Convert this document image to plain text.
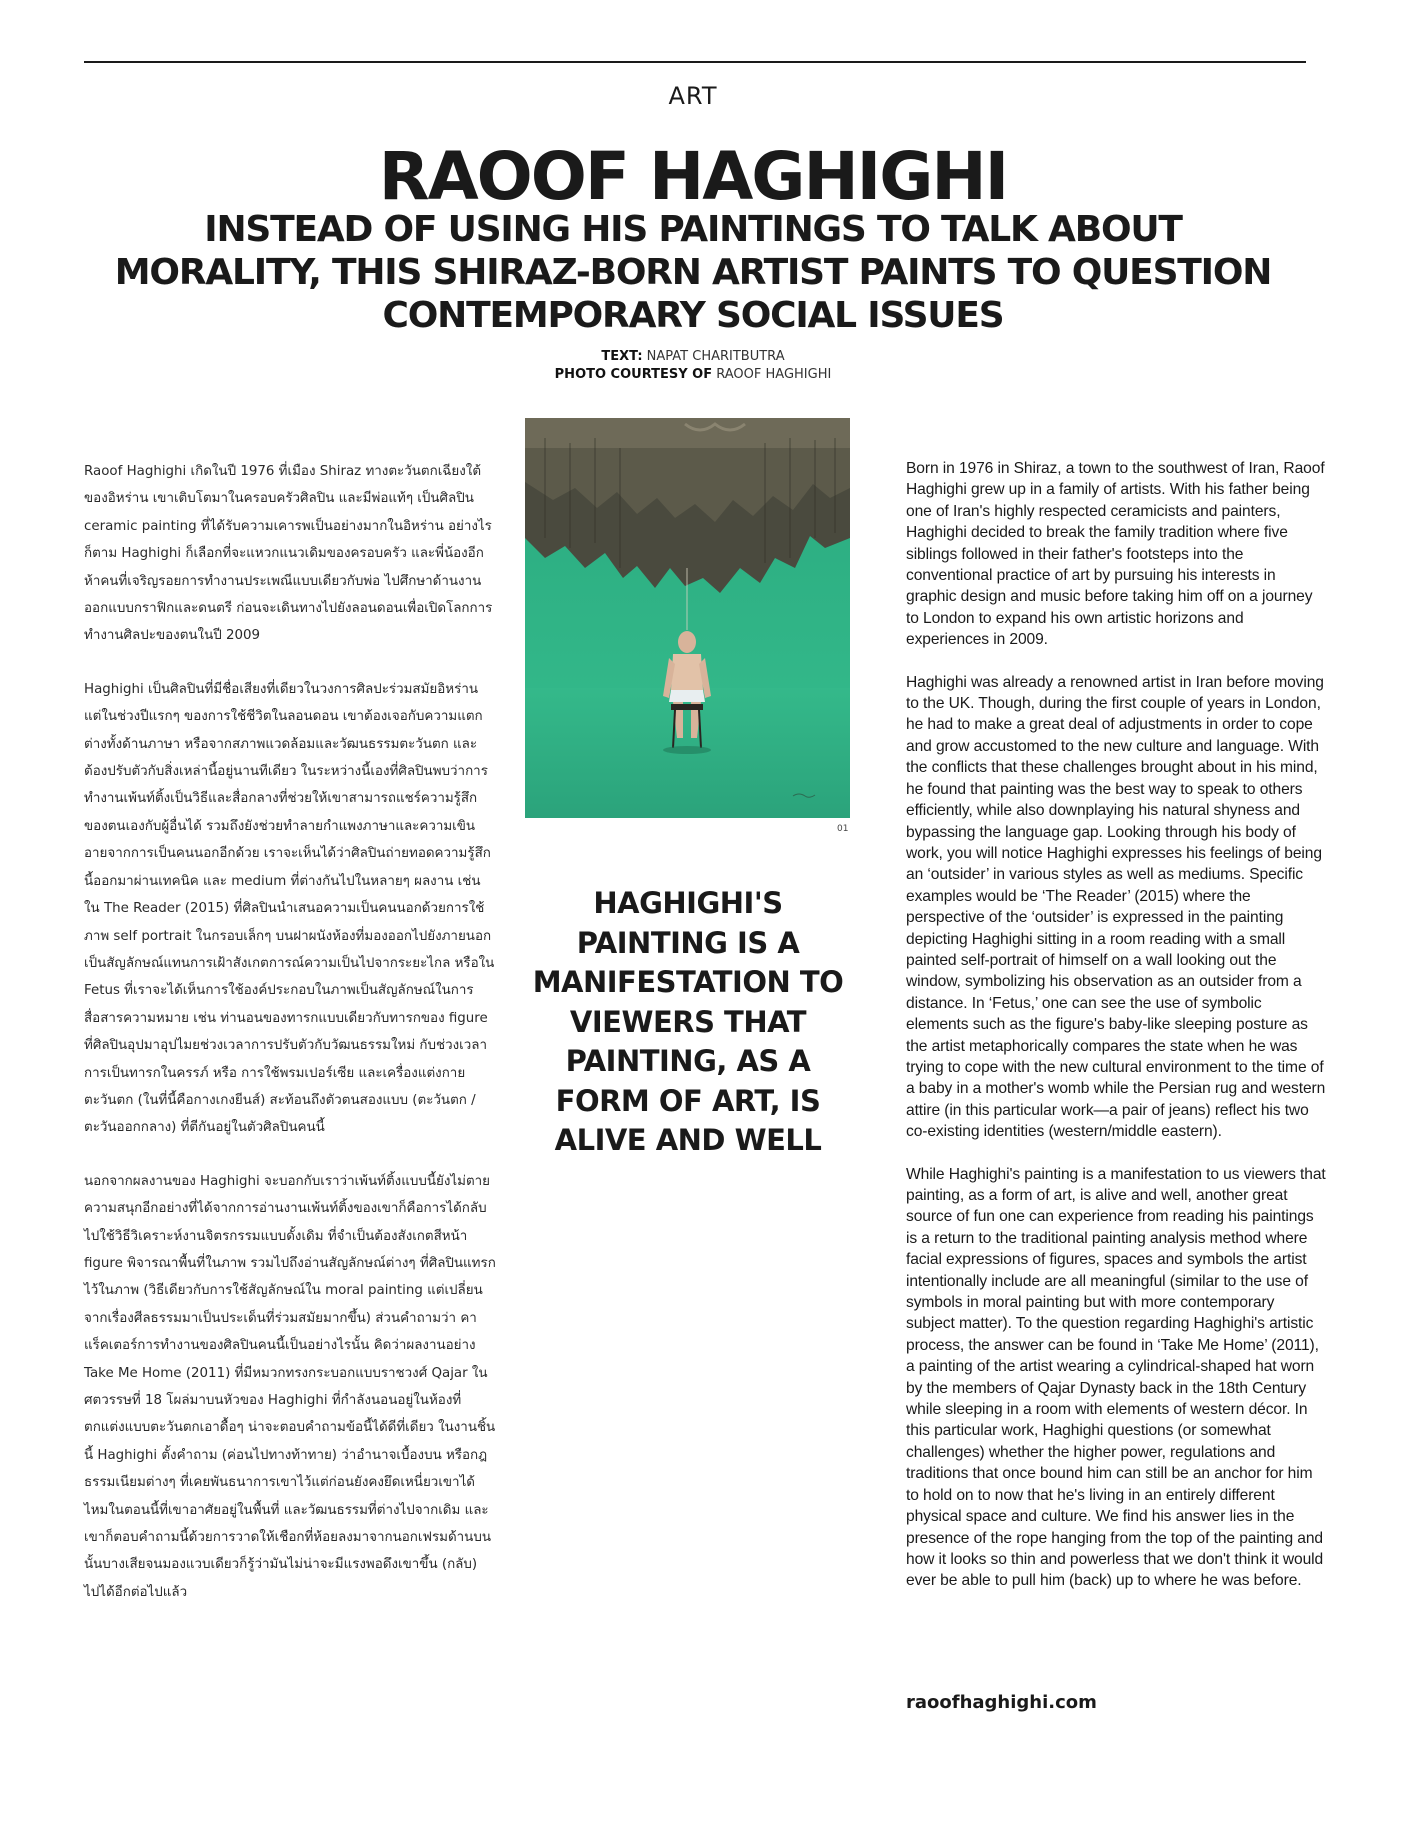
ART
RAOOF HAGHIGHI
INSTEAD OF USING HIS PAINTINGS TO TALK ABOUT MORALITY, THIS SHIRAZ-BORN ARTIST PAINTS TO QUESTION CONTEMPORARY SOCIAL ISSUES
TEXT: NAPAT CHARITBUTRA
PHOTO COURTESY OF RAOOF HAGHIGHI

Raoof Haghighi เกิดในปี 1976 ที่เมือง Shiraz ทางตะวันตกเฉียงใต้ของอิหร่าน เขาเติบโตมาในครอบครัวศิลปิน และมีพ่อแท้ๆ เป็นศิลปิน ceramic painting ที่ได้รับความเคารพเป็นอย่างมากในอิหร่าน อย่างไรก็ตาม Haghighi ก็เลือกที่จะแหวกแนวเดิมของครอบครัว และพี่น้องอีกห้าคนที่เจริญรอยการทำงานประเพณีแบบเดียวกับพ่อ ไปศึกษาด้านงานออกแบบกราฟิกและดนตรี ก่อนจะเดินทางไปยังลอนดอนเพื่อเปิดโลกการทำงานศิลปะของตนในปี 2009

Haghighi เป็นศิลปินที่มีชื่อเสียงที่เดียวในวงการศิลปะร่วมสมัยอิหร่าน แต่ในช่วงปีแรกๆ ของการใช้ชีวิตในลอนดอน เขาต้องเจอกับความแตกต่างทั้งด้านภาษา หรือจากสภาพแวดล้อมและวัฒนธรรมตะวันตก และต้องปรับตัวกับสิ่งเหล่านี้อยู่นานทีเดียว ในระหว่างนี้เองที่ศิลปินพบว่าการทำงานเพ้นท์ติ้งเป็นวิธีและสื่อกลางที่ช่วยให้เขาสามารถแชร์ความรู้สึกของตนเองกับผู้อื่นได้ รวมถึงยังช่วยทำลายกำแพงภาษาและความเขินอายจากการเป็นคนนอกอีกด้วย เราจะเห็นได้ว่าศิลปินถ่ายทอดความรู้สึกนี้ออกมาผ่านเทคนิค และ medium ที่ต่างกันไปในหลายๆ ผลงาน เช่นใน The Reader (2015) ที่ศิลปินนำเสนอความเป็นคนนอกด้วยการใช้ภาพ self portrait ในกรอบเล็กๆ บนฝาผนังห้องที่มองออกไปยังภายนอกเป็นสัญลักษณ์แทนการเฝ้าสังเกตการณ์ความเป็นไปจากระยะไกล หรือใน Fetus ที่เราจะได้เห็นการใช้องค์ประกอบในภาพเป็นสัญลักษณ์ในการสื่อสารความหมาย เช่น ท่านอนของทารกแบบเดียวกับทารกของ figure ที่ศิลปินอุปมาอุปไมยช่วงเวลาการปรับตัวกับวัฒนธรรมใหม่ กับช่วงเวลาการเป็นทารกในครรภ์ หรือ การใช้พรมเปอร์เซีย และเครื่องแต่งกายตะวันตก (ในที่นี้คือกางเกงยีนส์) สะท้อนถึงตัวตนสองแบบ (ตะวันตก / ตะวันออกกลาง) ที่ตีกันอยู่ในตัวศิลปินคนนี้

นอกจากผลงานของ Haghighi จะบอกกับเราว่าเพ้นท์ติ้งแบบนี้ยังไม่ตาย ความสนุกอีกอย่างที่ได้จากการอ่านงานเพ้นท์ติ้งของเขาก็คือการได้กลับไปใช้วิธีวิเคราะห์งานจิตรกรรมแบบดั้งเดิม ที่จำเป็นต้องสังเกตสีหน้า figure พิจารณาพื้นที่ในภาพ รวมไปถึงอ่านสัญลักษณ์ต่างๆ ที่ศิลปินแทรกไว้ในภาพ (วิธีเดียวกับการใช้สัญลักษณ์ใน moral painting แต่เปลี่ยนจากเรื่องศีลธรรมมาเป็นประเด็นที่ร่วมสมัยมากขึ้น) ส่วนคำถามว่า คาแร็คเตอร์การทำงานของศิลปินคนนี้เป็นอย่างไรนั้น คิดว่าผลงานอย่าง Take Me Home (2011) ที่มีหมวกทรงกระบอกแบบราชวงศ์ Qajar ในศตวรรษที่ 18 โผล่มาบนหัวของ Haghighi ที่กำลังนอนอยู่ในห้องที่ตกแต่งแบบตะวันตกเอาดื้อๆ น่าจะตอบคำถามข้อนี้ได้ดีที่เดียว ในงานชิ้นนี้ Haghighi ตั้งคำถาม (ค่อนไปทางท้าทาย) ว่าอำนาจเบื้องบน หรือกฎธรรมเนียมต่างๆ ที่เคยพันธนาการเขาไว้แต่ก่อนยังคงยึดเหนี่ยวเขาได้ไหมในตอนนี้ที่เขาอาศัยอยู่ในพื้นที่ และวัฒนธรรมที่ต่างไปจากเดิม และเขาก็ตอบคำถามนี้ด้วยการวาดให้เชือกที่ห้อยลงมาจากนอกเฟรมด้านบนนั้นบางเสียจนมองแวบเดียวก็รู้ว่ามันไม่น่าจะมีแรงพอดึงเขาขึ้น (กลับ) ไปได้อีกต่อไปแล้ว

01
HAGHIGHI'S PAINTING IS A MANIFESTATION TO VIEWERS THAT PAINTING, AS A FORM OF ART, IS ALIVE AND WELL

Born in 1976 in Shiraz, a town to the southwest of Iran, Raoof Haghighi grew up in a family of artists. With his father being one of Iran's highly respected ceramicists and painters, Haghighi decided to break the family tradition where five siblings followed in their father's footsteps into the conventional practice of art by pursuing his interests in graphic design and music before taking him off on a journey to London to expand his own artistic horizons and experiences in 2009.

Haghighi was already a renowned artist in Iran before moving to the UK. Though, during the first couple of years in London, he had to make a great deal of adjustments in order to cope and grow accustomed to the new culture and language. With the conflicts that these challenges brought about in his mind, he found that painting was the best way to speak to others efficiently, while also downplaying his natural shyness and bypassing the language gap. Looking through his body of work, you will notice Haghighi expresses his feelings of being an ‘outsider’ in various styles as well as mediums. Specific examples would be ‘The Reader’ (2015) where the perspective of the ‘outsider’ is expressed in the painting depicting Haghighi sitting in a room reading with a small painted self-portrait of himself on a wall looking out the window, symbolizing his observation as an outsider from a distance. In ‘Fetus,’ one can see the use of symbolic elements such as the figure's baby-like sleeping posture as the artist metaphorically compares the state when he was trying to cope with the new cultural environment to the time of a baby in a mother's womb while the Persian rug and western attire (in this particular work—a pair of jeans) reflect his two co-existing identities (western/middle eastern).

While Haghighi's painting is a manifestation to us viewers that painting, as a form of art, is alive and well, another great source of fun one can experience from reading his paintings is a return to the traditional painting analysis method where facial expressions of figures, spaces and symbols the artist intentionally include are all meaningful (similar to the use of symbols in moral painting but with more contemporary subject matter). To the question regarding Haghighi's artistic process, the answer can be found in ‘Take Me Home’ (2011), a painting of the artist wearing a cylindrical-shaped hat worn by the members of Qajar Dynasty back in the 18th Century while sleeping in a room with elements of western décor. In this particular work, Haghighi questions (or somewhat challenges) whether the higher power, regulations and traditions that once bound him can still be an anchor for him to hold on to now that he's living in an entirely different physical space and culture. We find his answer lies in the presence of the rope hanging from the top of the painting and how it looks so thin and powerless that we don't think it would ever be able to pull him (back) up to where he was before.

raoofhaghighi.com
